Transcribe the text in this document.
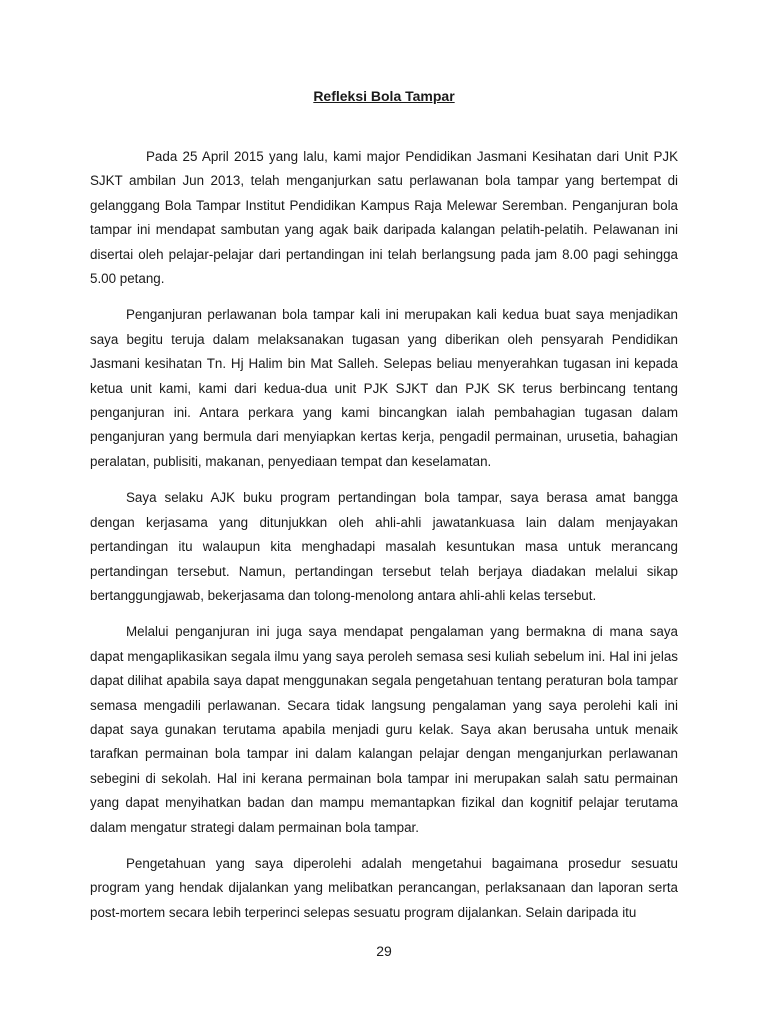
Refleksi Bola Tampar

Pada 25 April 2015 yang lalu, kami major Pendidikan Jasmani Kesihatan dari Unit PJK SJKT ambilan Jun 2013, telah menganjurkan satu perlawanan bola tampar yang bertempat di gelanggang Bola Tampar Institut Pendidikan Kampus Raja Melewar Seremban. Penganjuran bola tampar ini mendapat sambutan yang agak baik daripada kalangan pelatih-pelatih. Pelawanan ini disertai oleh pelajar-pelajar dari pertandingan ini telah berlangsung pada jam 8.00 pagi sehingga 5.00 petang.

Penganjuran perlawanan bola tampar kali ini merupakan kali kedua buat saya menjadikan saya begitu teruja dalam melaksanakan tugasan yang diberikan oleh pensyarah Pendidikan Jasmani kesihatan Tn. Hj Halim bin Mat Salleh. Selepas beliau menyerahkan tugasan ini kepada ketua unit kami, kami dari kedua-dua unit PJK SJKT dan PJK SK terus berbincang tentang penganjuran ini. Antara perkara yang kami bincangkan ialah pembahagian tugasan dalam penganjuran yang bermula dari menyiapkan kertas kerja, pengadil permainan, urusetia, bahagian peralatan, publisiti, makanan, penyediaan tempat dan keselamatan.

Saya selaku AJK buku program pertandingan bola tampar, saya berasa amat bangga dengan kerjasama yang ditunjukkan oleh ahli-ahli jawatankuasa lain dalam menjayakan pertandingan itu walaupun kita menghadapi masalah kesuntukan masa untuk merancang pertandingan tersebut. Namun, pertandingan tersebut telah berjaya diadakan melalui sikap bertanggungjawab, bekerjasama dan tolong-menolong antara ahli-ahli kelas tersebut.

Melalui penganjuran ini juga saya mendapat pengalaman yang bermakna di mana saya dapat mengaplikasikan segala ilmu yang saya peroleh semasa sesi kuliah sebelum ini. Hal ini jelas dapat dilihat apabila saya dapat menggunakan segala pengetahuan tentang peraturan bola tampar semasa mengadili perlawanan. Secara tidak langsung pengalaman yang saya perolehi kali ini dapat saya gunakan terutama apabila menjadi guru kelak. Saya akan berusaha untuk menaik tarafkan permainan bola tampar ini dalam kalangan pelajar dengan menganjurkan perlawanan sebegini di sekolah. Hal ini kerana permainan bola tampar ini merupakan salah satu permainan yang dapat menyihatkan badan dan mampu memantapkan fizikal dan kognitif pelajar terutama dalam mengatur strategi dalam permainan bola tampar.

Pengetahuan yang saya diperolehi adalah mengetahui bagaimana prosedur sesuatu program yang hendak dijalankan yang melibatkan perancangan, perlaksanaan dan laporan serta post-mortem secara lebih terperinci selepas sesuatu program dijalankan. Selain daripada itu

29
